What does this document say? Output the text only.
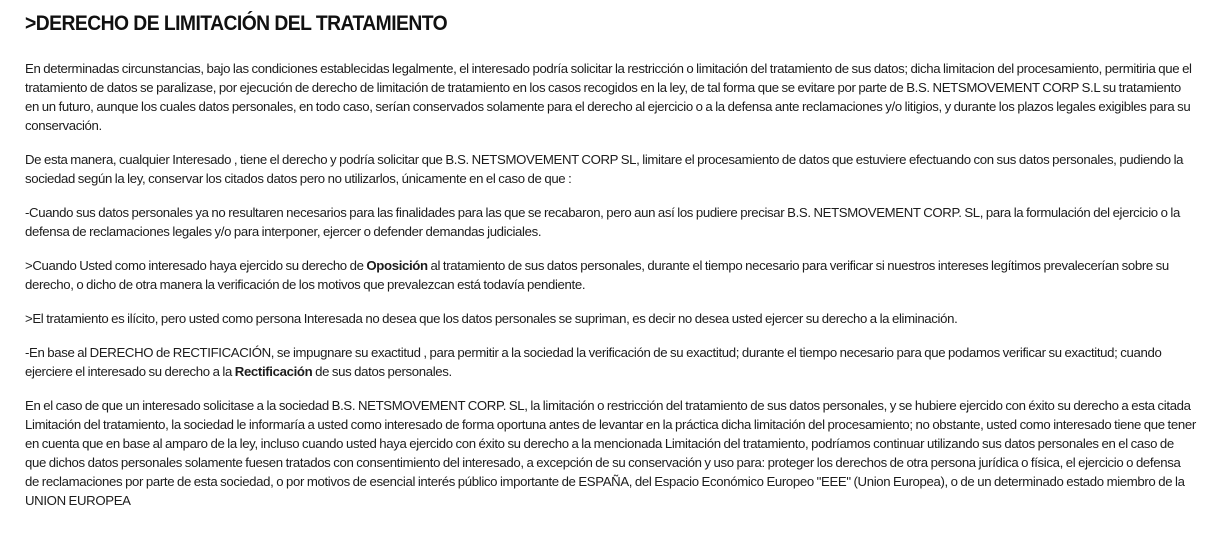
>DERECHO DE LIMITACIÓN DEL TRATAMIENTO

En determinadas circunstancias, bajo las condiciones establecidas legalmente, el interesado podría solicitar la restricción o limitación del tratamiento de sus datos; dicha limitacion del procesamiento, permitiria que el tratamiento de datos se paralizase, por ejecución de derecho de limitación de tratamiento en los casos recogidos en la ley, de tal forma que se evitare por parte de B.S. NETSMOVEMENT CORP S.L su tratamiento en un futuro, aunque los cuales datos personales, en todo caso, serían conservados solamente para el derecho al ejercicio o a la defensa ante reclamaciones y/o litigios, y durante los plazos legales exigibles para su conservación.

De esta manera, cualquier Interesado , tiene el derecho y podría solicitar que B.S. NETSMOVEMENT CORP SL, limitare el procesamiento de datos que estuviere efectuando con sus datos personales, pudiendo la sociedad según la ley, conservar los citados datos pero no utilizarlos, únicamente en el caso de que :

-Cuando sus datos personales ya no resultaren necesarios para las finalidades para las que se recabaron, pero aun así los pudiere precisar B.S. NETSMOVEMENT CORP. SL, para la formulación del ejercicio o la defensa de reclamaciones legales y/o para interponer, ejercer o defender demandas judiciales.

>Cuando Usted como interesado haya ejercido su derecho de Oposición al tratamiento de sus datos personales, durante el tiempo necesario para verificar si nuestros intereses legítimos prevalecerían sobre su derecho, o dicho de otra manera la verificación de los motivos que prevalezcan está todavía pendiente.

>El tratamiento es ilícito, pero usted como persona Interesada no desea que los datos personales se supriman, es decir no desea usted ejercer su derecho a la eliminación.

-En base al DERECHO de RECTIFICACIÓN, se impugnare su exactitud , para permitir a la sociedad la verificación de su exactitud; durante el tiempo necesario para que podamos verificar su exactitud; cuando ejerciere el interesado su derecho a la Rectificación de sus datos personales.

En el caso de que un interesado solicitase a la sociedad B.S. NETSMOVEMENT CORP. SL, la limitación o restricción del tratamiento de sus datos personales, y se hubiere ejercido con éxito su derecho a esta citada Limitación del tratamiento, la sociedad le informaría a usted como interesado de forma oportuna antes de levantar en la práctica dicha limitación del procesamiento; no obstante, usted como interesado tiene que tener en cuenta que en base al amparo de la ley, incluso cuando usted haya ejercido con éxito su derecho a la mencionada Limitación del tratamiento, podríamos continuar utilizando sus datos personales en el caso de que dichos datos personales solamente fuesen tratados con consentimiento del interesado, a excepción de su conservación y uso para: proteger los derechos de otra persona jurídica o física, el ejercicio o defensa de reclamaciones por parte de esta sociedad, o por motivos de esencial interés público importante de ESPAÑA, del Espacio Económico Europeo "EEE" (Union Europea), o de un determinado estado miembro de la UNION EUROPEA
